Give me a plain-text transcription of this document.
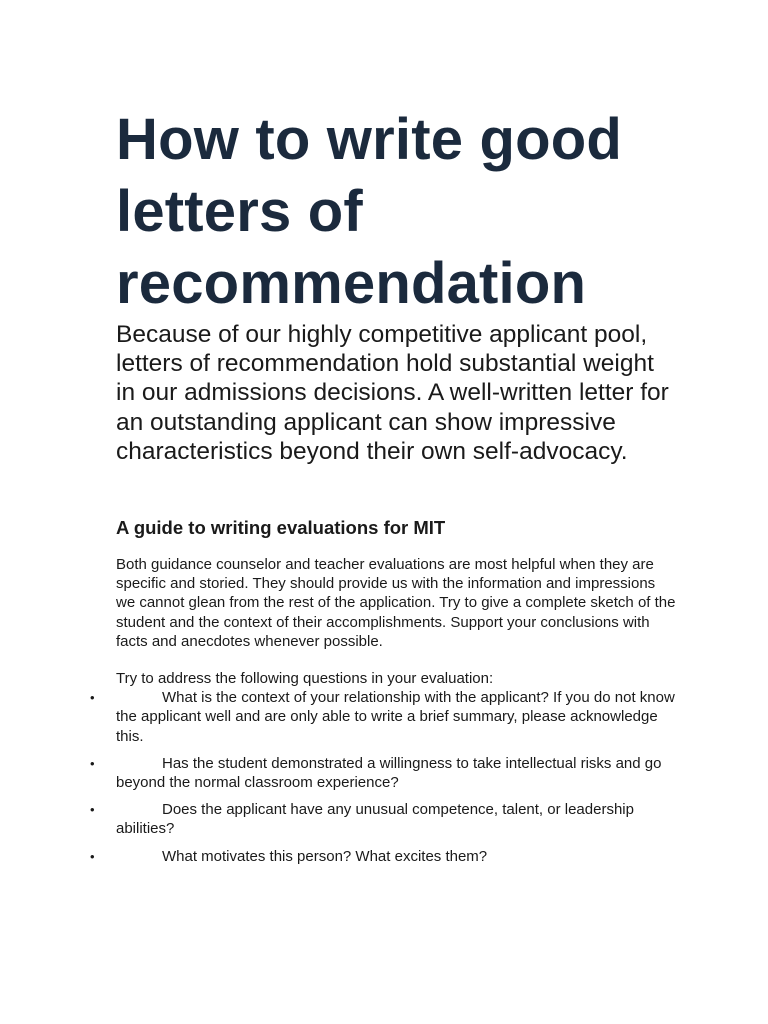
How to write good letters of recommendation

Because of our highly competitive applicant pool, letters of recommendation hold substantial weight in our admissions decisions. A well-written letter for an outstanding applicant can show impressive characteristics beyond their own self-advocacy.

A guide to writing evaluations for MIT

Both guidance counselor and teacher evaluations are most helpful when they are specific and storied. They should provide us with the information and impressions we cannot glean from the rest of the application. Try to give a complete sketch of the student and the context of their accomplishments. Support your conclusions with facts and anecdotes whenever possible.

Try to address the following questions in your evaluation:

•	What is the context of your relationship with the applicant? If you do not know the applicant well and are only able to write a brief summary, please acknowledge this.
•	Has the student demonstrated a willingness to take intellectual risks and go beyond the normal classroom experience?
•	Does the applicant have any unusual competence, talent, or leadership abilities?
•	What motivates this person? What excites them?
